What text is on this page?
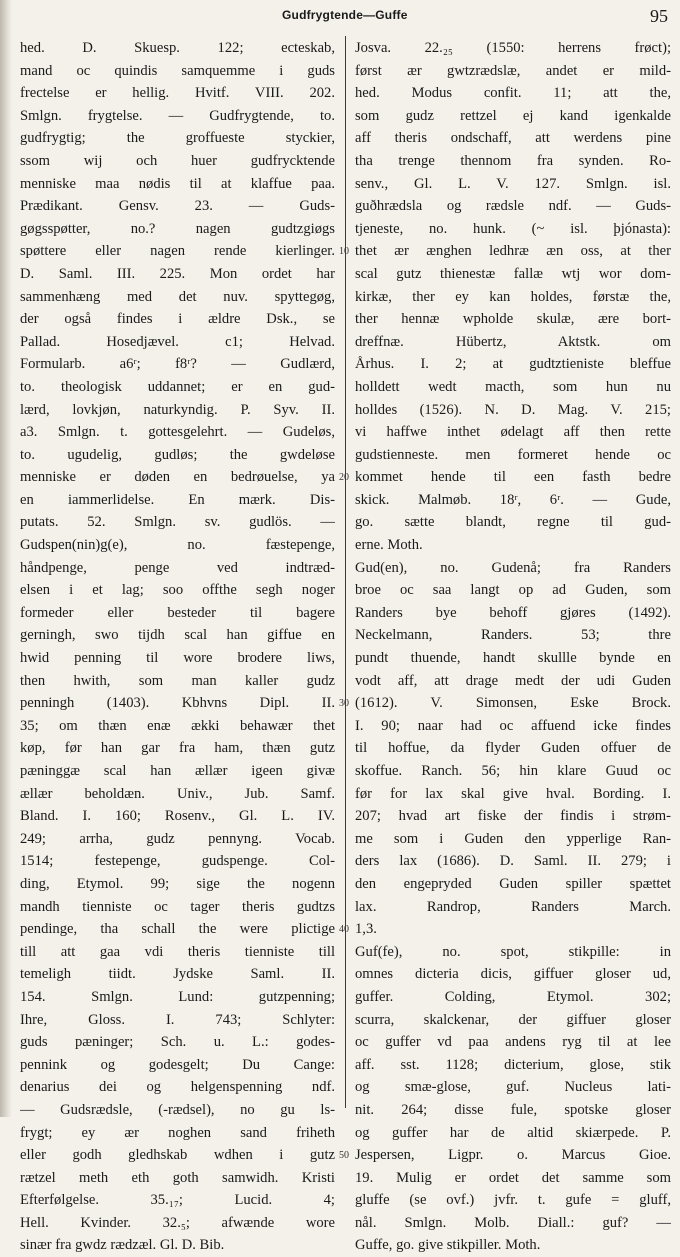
Gudfrygtende—Guffe	95
hed. D. Skuesp. 122; ecteskab,
mand oc quindis samquemme i guds
frectelse er hellig. Hvitf. VIII. 202.
Smlgn. frygtelse. — Gudfrygtende, to.
gudfrygtig; the groffueste styckier,
ssom wij och huer gudfrycktende
menniske maa nødis til at klaffue paa.
Prædikant. Gensv. 23. — Guds-
gøgsspøtter, no.? nagen gudtzgiøgs
spøttere eller nagen rende kierlinger.
D. Saml. III. 225. Mon ordet har
sammenhæng med det nuv. spyttegøg,
der også findes i ældre Dsk., se
Pallad. Hosedjævel. c1; Helvad.
Formularb. a6ʳ; f8ʳ? — Gudlærd,
to. theologisk uddannet; er en gud-
lærd, lovkjøn, naturkyndig. P. Syv. II.
a3. Smlgn. t. gottesgelehrt. — Gudeløs,
to. ugudelig, gudløs; the gwdeløse
menniske er døden en bedrøuelse, ya
en iammerlidelse. En mærk. Dis-
putats. 52. Smlgn. sv. gudlös. —
Gudspen(nin)g(e), no. fæstepenge,
håndpenge, penge ved indtræd-
elsen i et lag; soo offthe segh noger
formeder eller besteder til bagere
gerningh, swo tijdh scal han giffue en
hwid penning til wore brodere liws,
then hwith, som man kaller gudz
penningh (1403). Kbhvns Dipl. II.
35; om thæn enæ ækki behawær thet
køp, før han gar fra ham, thæn gutz
pæninggæ scal han ællær igeen givæ
ællær beholdæn. Univ., Jub. Samf.
Bland. I. 160; Rosenv., Gl. L. IV.
249; arrha, gudz pennyng. Vocab.
1514; festepenge, gudspenge. Col-
ding, Etymol. 99; sige the nogenn
mandh tienniste oc tager theris gudtzs
pendinge, tha schall the were plictige
till att gaa vdi theris tienniste till
temeligh tiidt. Jydske Saml. II.
154. Smlgn. Lund: gutzpenning;
Ihre, Gloss. I. 743; Schlyter:
guds pæninger; Sch. u. L.: godes-
pennink og godesgelt; Du Cange:
denarius dei og helgenspenning ndf.
— Gudsrædsle, (-rædsel), no gu ls-
frygt; ey ær noghen sand friheth
eller godh gledhskab wdhen i gutz
rætzel meth eth goth samwidh. Kristi
Efterfølgelse. 35.₁₇; Lucid. 4;
Hell. Kvinder. 32.₅; afwænde wore
sinær fra gwdz rædzæl. Gl. D. Bib.
Josva. 22.₂₅ (1550: herrens frøct);
først ær gwtzrædslæ, andet er mild-
hed. Modus confit. 11; att the,
som gudz rettzel ej kand igenkalde
aff theris ondschaff, att werdens pine
tha trenge thennom fra synden. Ro-
senv., Gl. L. V. 127. Smlgn. isl.
guðhrædsla og rædsle ndf. — Guds-
tjeneste, no. hunk. (~ isl. þjónasta):
thet ær ænghen ledhræ æn oss, at ther
scal gutz thienestæ fallæ wtj wor dom-
kirkæ, ther ey kan holdes, førstæ the,
ther hennæ wpholde skulæ, ære bort-
dreffnæ. Hübertz, Aktstk. om
Århus. I. 2; at gudtztieniste bleffue
holldett wedt macth, som hun nu
holldes (1526). N. D. Mag. V. 215;
vi haffwe inthet ødelagt aff then rette
gudstienneste. men formeret hende oc
kommet hende til een fasth bedre
skick. Malmøb. 18ʳ, 6ʳ. — Gude,
go. sætte blandt, regne til gud-
erne. Moth.
Gud(en), no. Gudenå; fra Randers
broe oc saa langt op ad Guden, som
Randers bye behoff gjøres (1492).
Neckelmann, Randers. 53; thre
pundt thuende, handt skullle bynde en
vodt aff, att drage medt der udi Guden
(1612). V. Simonsen, Eske Brock.
I. 90; naar had oc affuend icke findes
til hoffue, da flyder Guden offuer de
skoffue. Ranch. 56; hin klare Guud oc
før for lax skal give hval. Bording. I.
207; hvad art fiske der findis i strøm-
me som i Guden den ypperlige Ran-
ders lax (1686). D. Saml. II. 279; i
den engepryded Guden spiller spættet
lax. Randrop, Randers March.
1,3.
Guf(fe), no. spot, stikpille: in
omnes dicteria dicis, giffuer gloser ud,
guffer. Colding, Etymol. 302;
scurra, skalckenar, der giffuer gloser
oc guffer vd paa andens ryg til at lee
aff. sst. 1128; dicterium, glose, stik
og smæ-glose, guf. Nucleus lati-
nit. 264; disse fule, spotske gloser
og guffer har de altid skiærpede. P.
Jespersen, Ligpr. o. Marcus Gioe.
19. Mulig er ordet det samme som
gluffe (se ovf.) jvfr. t. gufe = gluff,
nål. Smlgn. Molb. Diall.: guf? —
Guffe, go. give stikpiller. Moth.
10
20
30
40
50
